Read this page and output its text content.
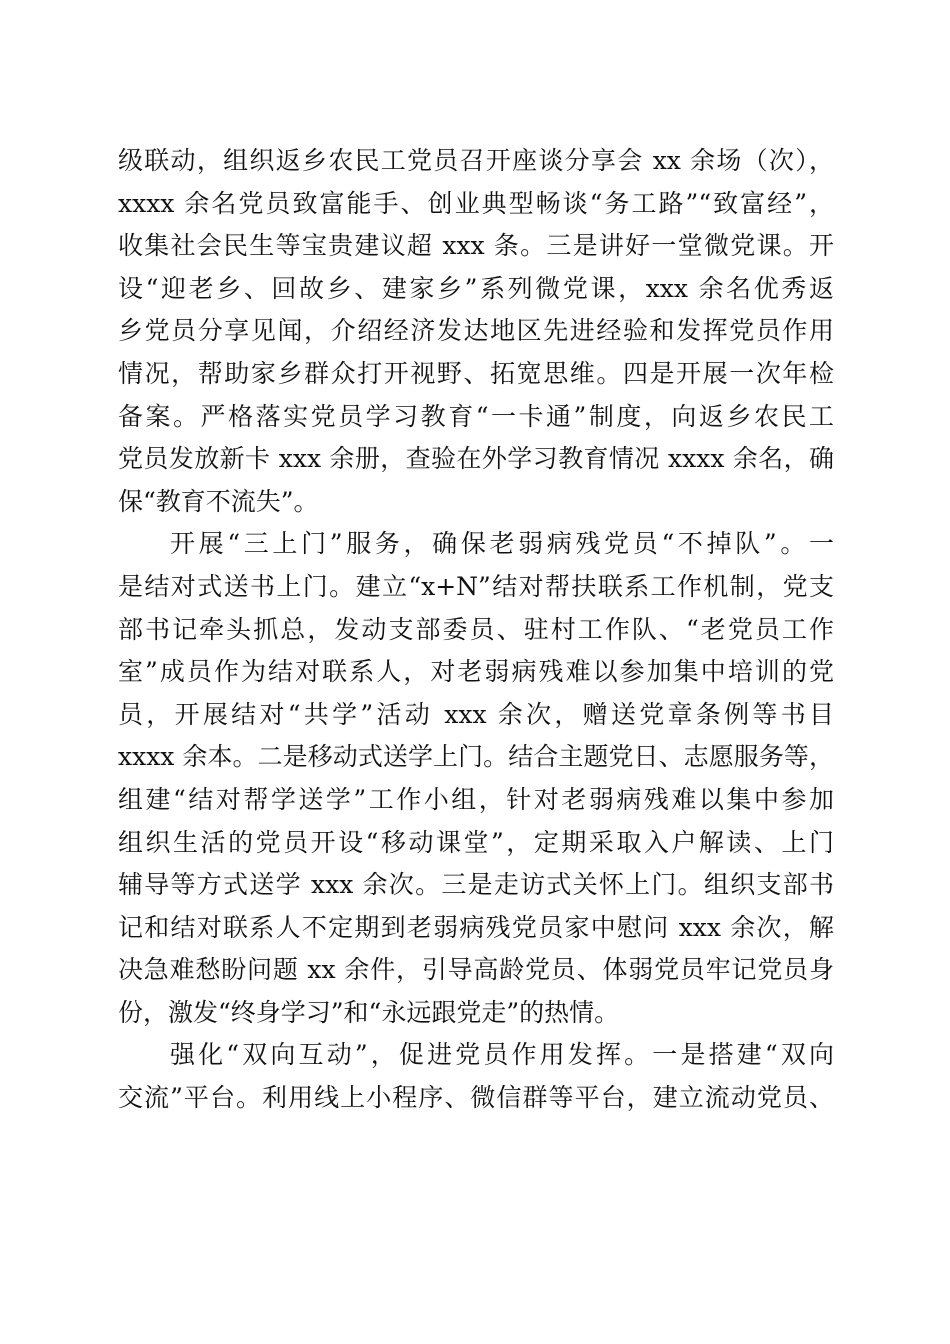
级联动，组织返乡农民工党员召开座谈分享会 xx 余场（次），
xxxx 余名党员致富能手、创业典型畅谈“务工路”“致富经”，
收集社会民生等宝贵建议超 xxx 条。三是讲好一堂微党课。开
设“迎老乡、回故乡、建家乡”系列微党课，xxx 余名优秀返
乡党员分享见闻，介绍经济发达地区先进经验和发挥党员作用
情况，帮助家乡群众打开视野、拓宽思维。四是开展一次年检
备案。严格落实党员学习教育“一卡通”制度，向返乡农民工
党员发放新卡 xxx 余册，查验在外学习教育情况 xxxx 余名，确
保“教育不流失”。
开展“三上门”服务，确保老弱病残党员“不掉队”。一
是结对式送书上门。建立“x+N”结对帮扶联系工作机制，党支
部书记牵头抓总，发动支部委员、驻村工作队、“老党员工作
室”成员作为结对联系人，对老弱病残难以参加集中培训的党
员，开展结对“共学”活动 xxx 余次，赠送党章条例等书目
xxxx 余本。二是移动式送学上门。结合主题党日、志愿服务等，
组建“结对帮学送学”工作小组，针对老弱病残难以集中参加
组织生活的党员开设“移动课堂”，定期采取入户解读、上门
辅导等方式送学 xxx 余次。三是走访式关怀上门。组织支部书
记和结对联系人不定期到老弱病残党员家中慰问 xxx 余次，解
决急难愁盼问题 xx 余件，引导高龄党员、体弱党员牢记党员身
份，激发“终身学习”和“永远跟党走”的热情。
强化“双向互动”，促进党员作用发挥。一是搭建“双向
交流”平台。利用线上小程序、微信群等平台，建立流动党员、
